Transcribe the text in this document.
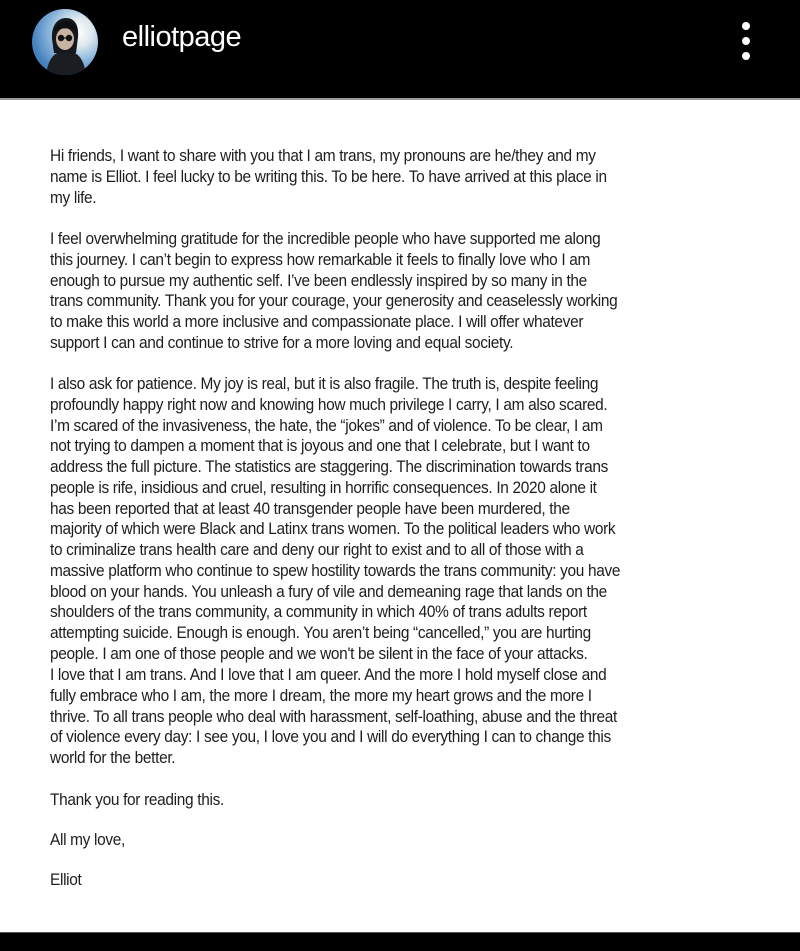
elliotpage
Hi friends, I want to share with you that I am trans, my pronouns are he/they and my
name is Elliot. I feel lucky to be writing this. To be here. To have arrived at this place in
my life.
I feel overwhelming gratitude for the incredible people who have supported me along
this journey. I can’t begin to express how remarkable it feels to finally love who I am
enough to pursue my authentic self. I’ve been endlessly inspired by so many in the
trans community. Thank you for your courage, your generosity and ceaselessly working
to make this world a more inclusive and compassionate place. I will offer whatever
support I can and continue to strive for a more loving and equal society.
I also ask for patience. My joy is real, but it is also fragile. The truth is, despite feeling
profoundly happy right now and knowing how much privilege I carry, I am also scared.
I’m scared of the invasiveness, the hate, the “jokes” and of violence. To be clear, I am
not trying to dampen a moment that is joyous and one that I celebrate, but I want to
address the full picture. The statistics are staggering. The discrimination towards trans
people is rife, insidious and cruel, resulting in horrific consequences. In 2020 alone it
has been reported that at least 40 transgender people have been murdered, the
majority of which were Black and Latinx trans women. To the political leaders who work
to criminalize trans health care and deny our right to exist and to all of those with a
massive platform who continue to spew hostility towards the trans community: you have
blood on your hands. You unleash a fury of vile and demeaning rage that lands on the
shoulders of the trans community, a community in which 40% of trans adults report
attempting suicide. Enough is enough. You aren’t being “cancelled,” you are hurting
people. I am one of those people and we won't be silent in the face of your attacks.
I love that I am trans. And I love that I am queer. And the more I hold myself close and
fully embrace who I am, the more I dream, the more my heart grows and the more I
thrive. To all trans people who deal with harassment, self-loathing, abuse and the threat
of violence every day: I see you, I love you and I will do everything I can to change this
world for the better.
Thank you for reading this.
All my love,
Elliot
